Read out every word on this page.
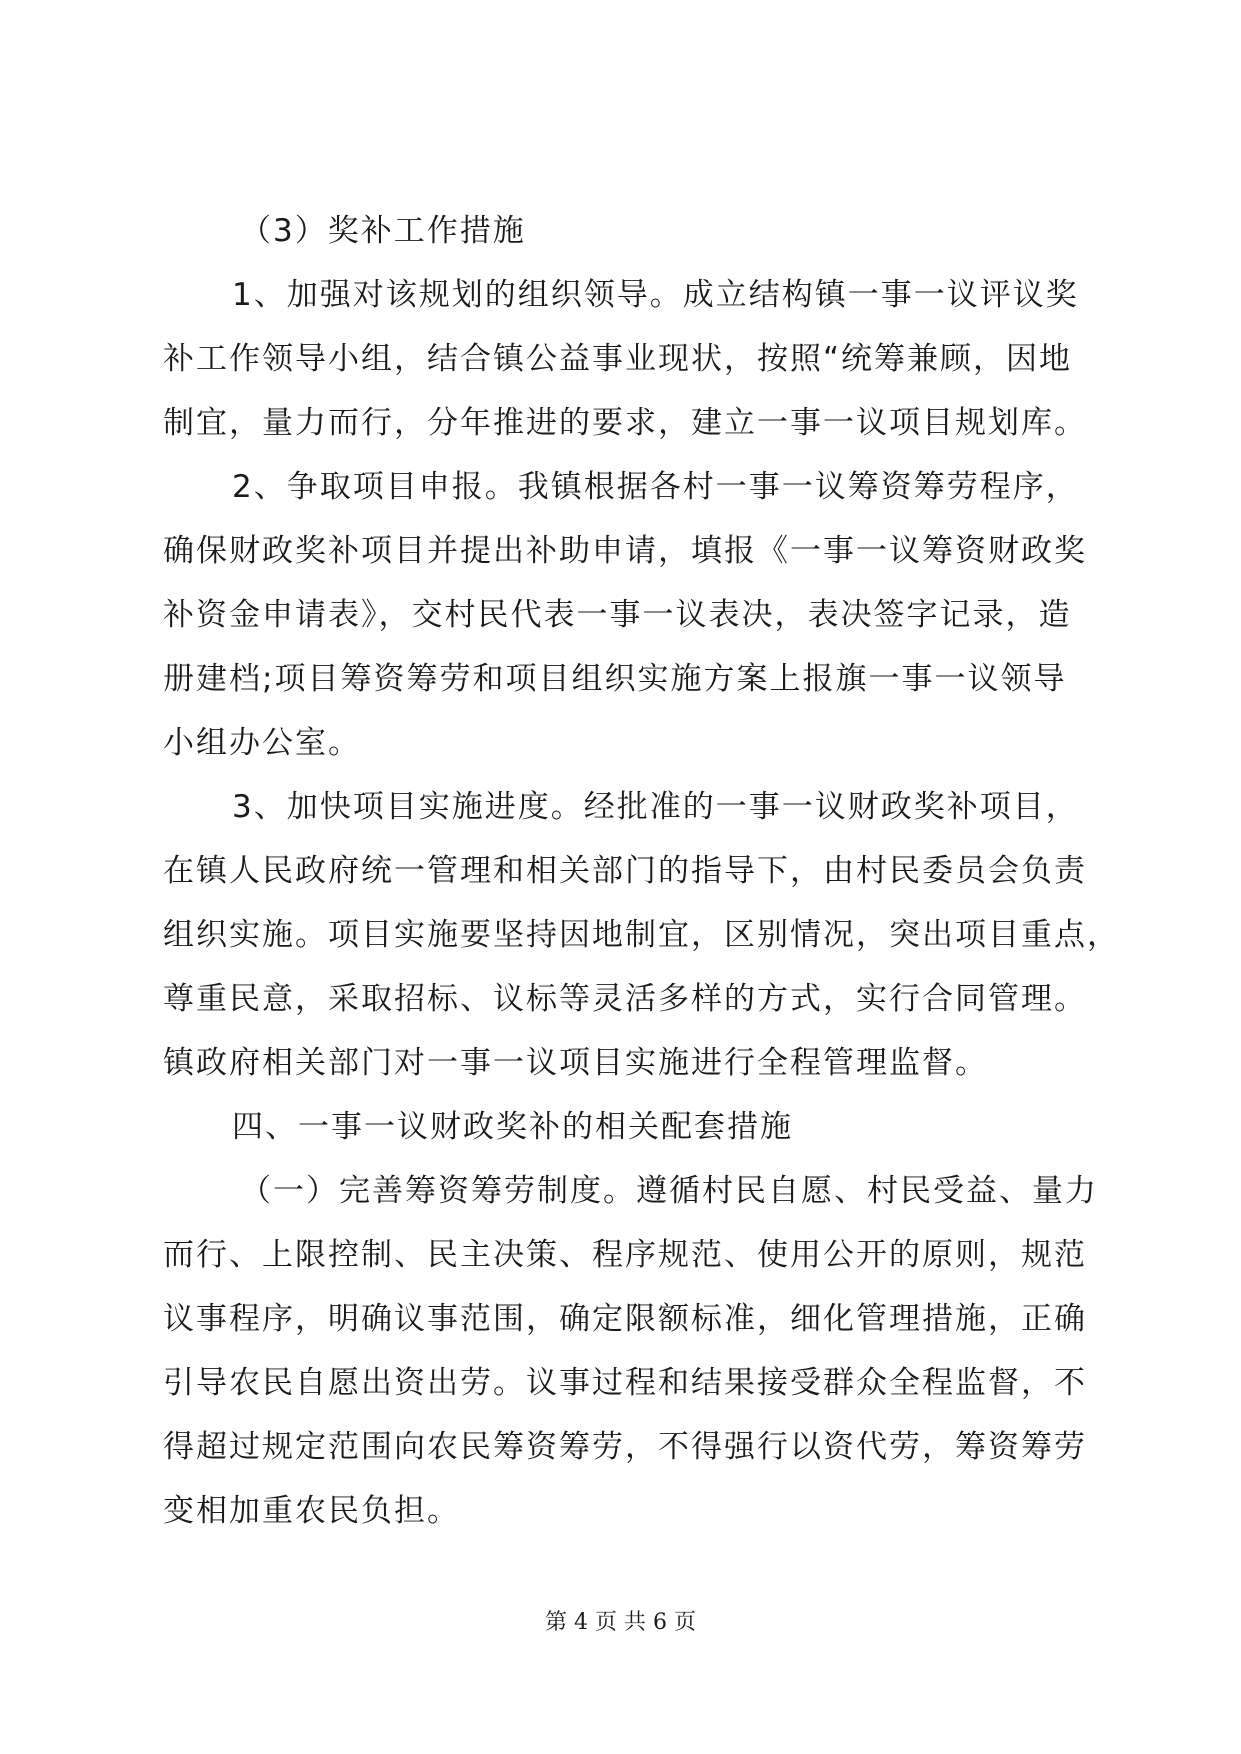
（3）奖补工作措施
1、加强对该规划的组织领导。成立结构镇一事一议评议奖
补工作领导小组，结合镇公益事业现状，按照“统筹兼顾，因地
制宜，量力而行，分年推进的要求，建立一事一议项目规划库。
2、争取项目申报。我镇根据各村一事一议筹资筹劳程序，
确保财政奖补项目并提出补助申请，填报《一事一议筹资财政奖
补资金申请表》，交村民代表一事一议表决，表决签字记录，造
册建档;项目筹资筹劳和项目组织实施方案上报旗一事一议领导
小组办公室。
3、加快项目实施进度。经批准的一事一议财政奖补项目，
在镇人民政府统一管理和相关部门的指导下，由村民委员会负责
组织实施。项目实施要坚持因地制宜，区别情况，突出项目重点，
尊重民意，采取招标、议标等灵活多样的方式，实行合同管理。
镇政府相关部门对一事一议项目实施进行全程管理监督。
四、一事一议财政奖补的相关配套措施
（一）完善筹资筹劳制度。遵循村民自愿、村民受益、量力
而行、上限控制、民主决策、程序规范、使用公开的原则，规范
议事程序，明确议事范围，确定限额标准，细化管理措施，正确
引导农民自愿出资出劳。议事过程和结果接受群众全程监督，不
得超过规定范围向农民筹资筹劳，不得强行以资代劳，筹资筹劳
变相加重农民负担。
第 4 页 共 6 页
